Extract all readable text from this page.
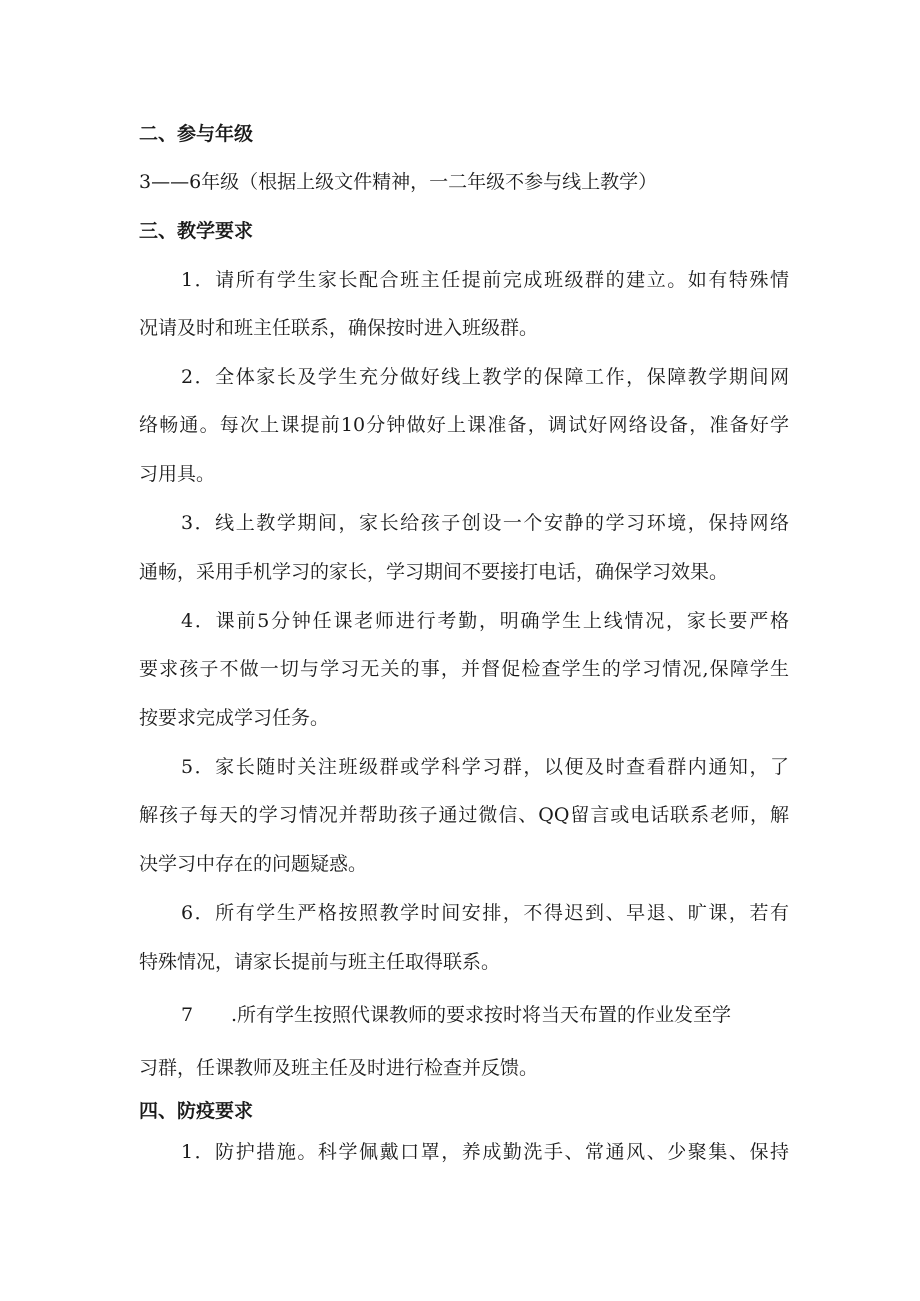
二、参与年级
3——6年级（根据上级文件精神，一二年级不参与线上教学）
三、教学要求
1．请所有学生家长配合班主任提前完成班级群的建立。如有特殊情
况请及时和班主任联系，确保按时进入班级群。
2．全体家长及学生充分做好线上教学的保障工作，保障教学期间网
络畅通。每次上课提前10分钟做好上课准备，调试好网络设备，准备好学
习用具。
3．线上教学期间，家长给孩子创设一个安静的学习环境，保持网络
通畅，采用手机学习的家长，学习期间不要接打电话，确保学习效果。
4．课前5分钟任课老师进行考勤，明确学生上线情况，家长要严格
要求孩子不做一切与学习无关的事，并督促检查学生的学习情况,保障学生
按要求完成学习任务。
5．家长随时关注班级群或学科学习群，以便及时查看群内通知，了
解孩子每天的学习情况并帮助孩子通过微信、QQ留言或电话联系老师，解
决学习中存在的问题疑惑。
6．所有学生严格按照教学时间安排，不得迟到、早退、旷课，若有
特殊情况，请家长提前与班主任取得联系。
7 .所有学生按照代课教师的要求按时将当天布置的作业发至学
习群，任课教师及班主任及时进行检查并反馈。
四、防疫要求
1．防护措施。科学佩戴口罩，养成勤洗手、常通风、少聚集、保持
